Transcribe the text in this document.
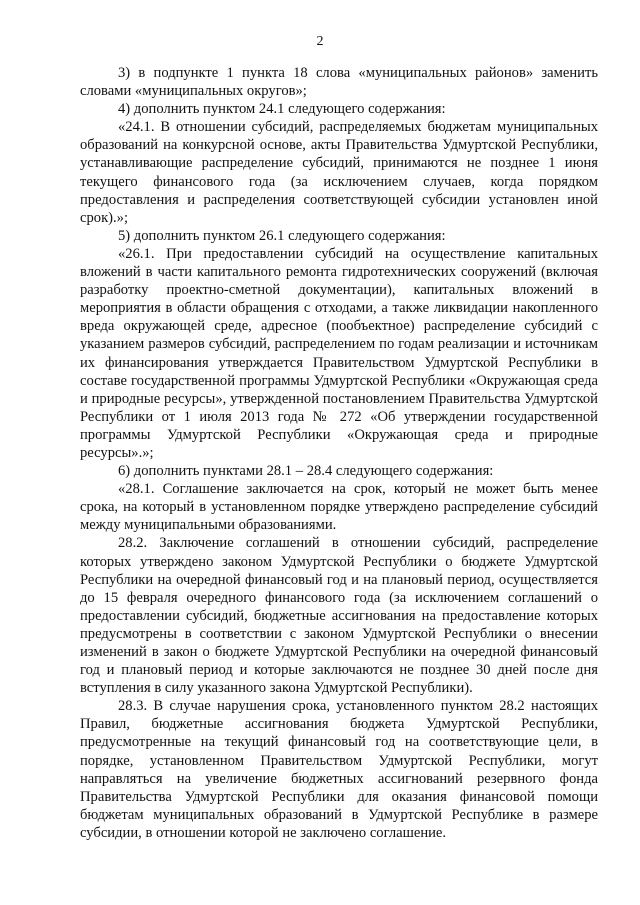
2

3) в подпункте 1 пункта 18 слова «муниципальных районов» заменить словами «муниципальных округов»;

4) дополнить пунктом 24.1 следующего содержания:

«24.1. В отношении субсидий, распределяемых бюджетам муниципальных образований на конкурсной основе, акты Правительства Удмуртской Республики, устанавливающие распределение субсидий, принимаются не позднее 1 июня текущего финансового года (за исключением случаев, когда порядком предоставления и распределения соответствующей субсидии установлен иной срок).»;

5) дополнить пунктом 26.1 следующего содержания:

«26.1. При предоставлении субсидий на осуществление капитальных вложений в части капитального ремонта гидротехнических сооружений (включая разработку проектно-сметной документации), капитальных вложений в мероприятия в области обращения с отходами, а также ликвидации накопленного вреда окружающей среде, адресное (пообъектное) распределение субсидий с указанием размеров субсидий, распределением по годам реализации и источникам их финансирования утверждается Правительством Удмуртской Республики в составе государственной программы Удмуртской Республики «Окружающая среда и природные ресурсы», утвержденной постановлением Правительства Удмуртской Республики от 1 июля 2013 года № 272 «Об утверждении государственной программы Удмуртской Республики «Окружающая среда и природные ресурсы».»;

6) дополнить пунктами 28.1 – 28.4 следующего содержания:

«28.1. Соглашение заключается на срок, который не может быть менее срока, на который в установленном порядке утверждено распределение субсидий между муниципальными образованиями.

28.2. Заключение соглашений в отношении субсидий, распределение которых утверждено законом Удмуртской Республики о бюджете Удмуртской Республики на очередной финансовый год и на плановый период, осуществляется до 15 февраля очередного финансового года (за исключением соглашений о предоставлении субсидий, бюджетные ассигнования на предоставление которых предусмотрены в соответствии с законом Удмуртской Республики о внесении изменений в закон о бюджете Удмуртской Республики на очередной финансовый год и плановый период и которые заключаются не позднее 30 дней после дня вступления в силу указанного закона Удмуртской Республики).

28.3. В случае нарушения срока, установленного пунктом 28.2 настоящих Правил, бюджетные ассигнования бюджета Удмуртской Республики, предусмотренные на текущий финансовый год на соответствующие цели, в порядке, установленном Правительством Удмуртской Республики, могут направляться на увеличение бюджетных ассигнований резервного фонда Правительства Удмуртской Республики для оказания финансовой помощи бюджетам муниципальных образований в Удмуртской Республике в размере субсидии, в отношении которой не заключено соглашение.
